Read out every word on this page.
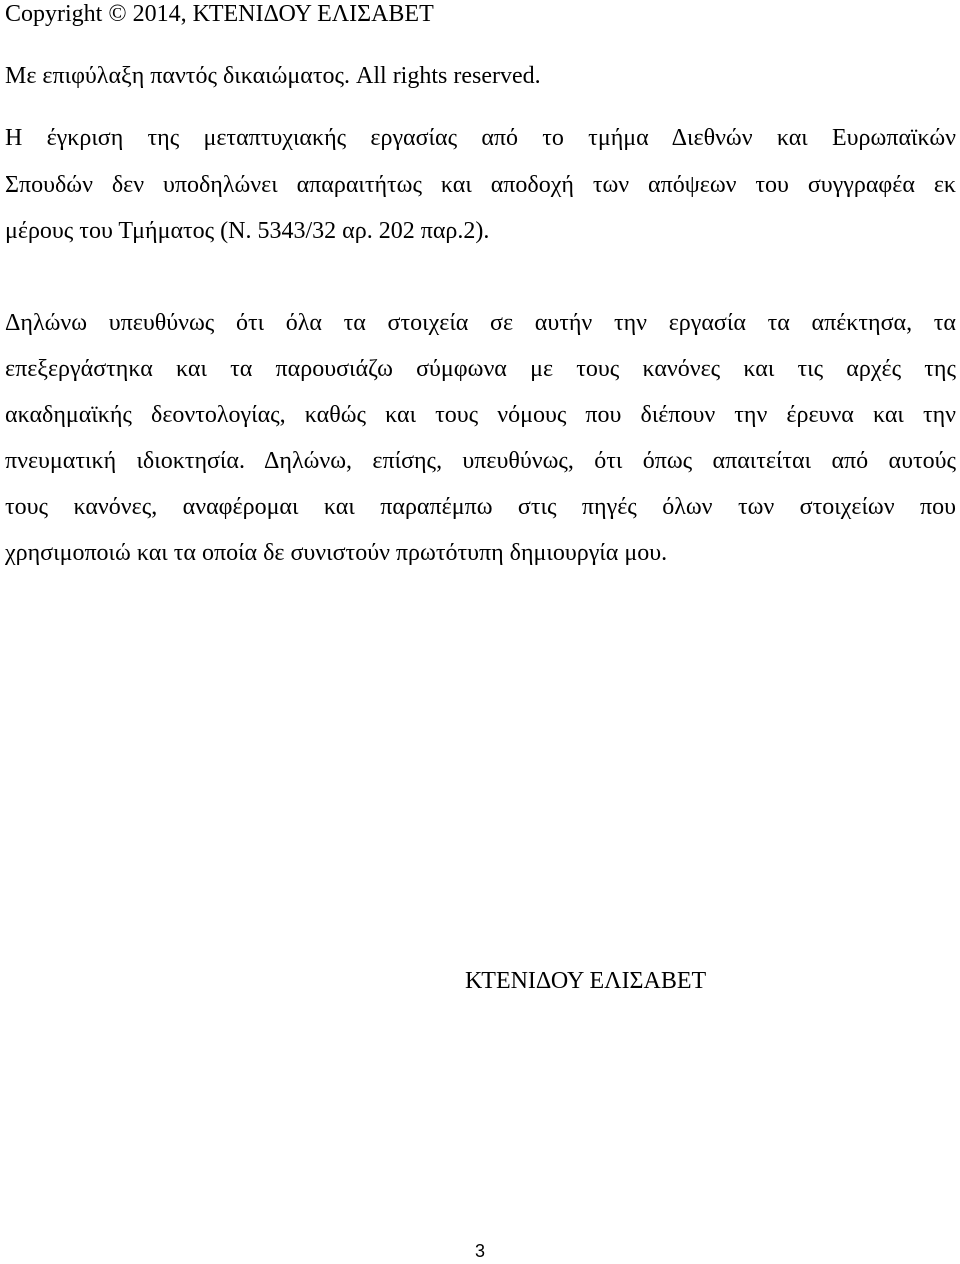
Copyright © 2014, ΚΤΕΝΙΔΟΥ ΕΛΙΣΑΒΕΤ

Με επιφύλαξη παντός δικαιώματος. All rights reserved.

Η έγκριση της μεταπτυχιακής εργασίας από το τμήμα Διεθνών και Ευρωπαϊκών

Σπουδών δεν υποδηλώνει απαραιτήτως και αποδοχή των απόψεων του συγγραφέα εκ

μέρους του Τμήματος (Ν. 5343/32 αρ. 202 παρ.2).

Δηλώνω υπευθύνως ότι όλα τα στοιχεία σε αυτήν την εργασία τα απέκτησα, τα

επεξεργάστηκα και τα παρουσιάζω σύμφωνα με τους κανόνες και τις αρχές της

ακαδημαϊκής δεοντολογίας, καθώς και τους νόμους που διέπουν την έρευνα και την

πνευματική ιδιοκτησία. Δηλώνω, επίσης, υπευθύνως, ότι όπως απαιτείται από αυτούς

τους κανόνες, αναφέρομαι και παραπέμπω στις πηγές όλων των στοιχείων που

χρησιμοποιώ και τα οποία δε συνιστούν πρωτότυπη δημιουργία μου.

ΚΤΕΝΙΔΟΥ ΕΛΙΣΑΒΕΤ

3
